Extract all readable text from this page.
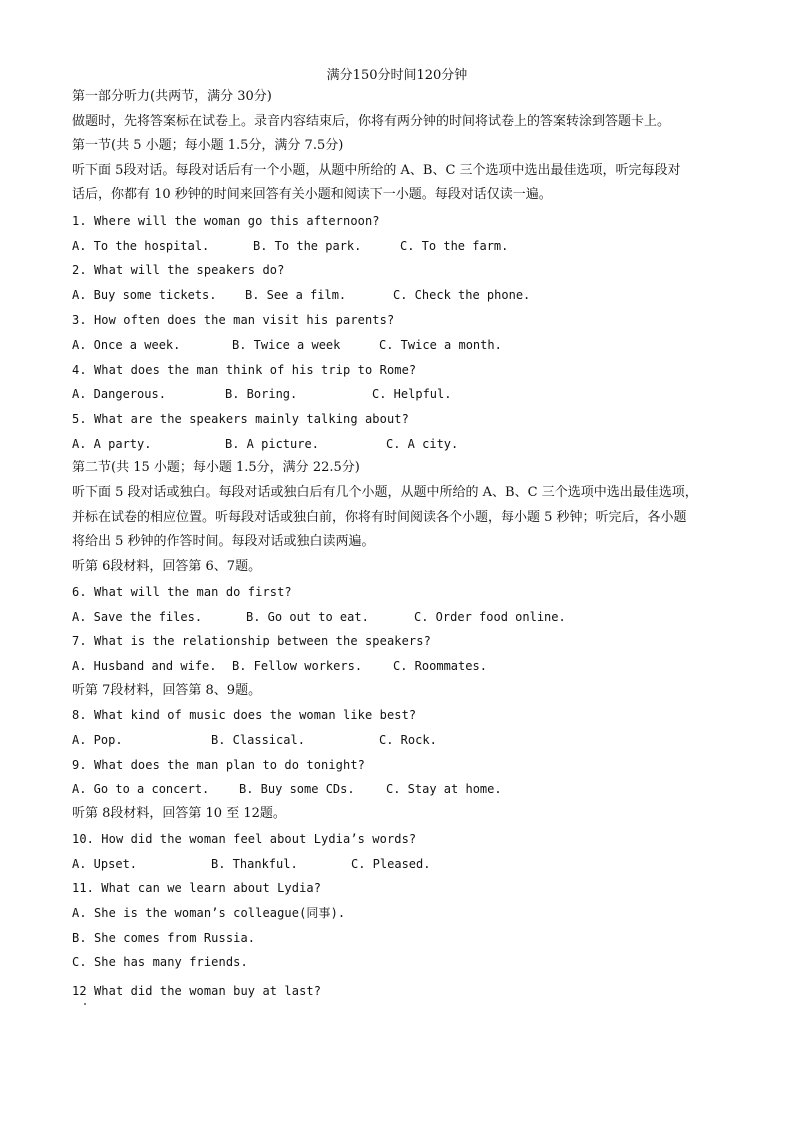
满分150分时间120分钟
第一部分听力(共两节，满分 30分)
做题时，先将答案标在试卷上。录音内容结束后，你将有两分钟的时间将试卷上的答案转涂到答题卡上。
第一节(共 5 小题；每小题 1.5分，满分 7.5分)
听下面 5段对话。每段对话后有一个小题，从题中所给的 A、B、C 三个选项中选出最佳选项，听完每段对
话后，你都有 10 秒钟的时间来回答有关小题和阅读下一小题。每段对话仅读一遍。
1. Where will the woman go this afternoon?
A. To the hospital.	B. To the park.	C. To the farm.
2. What will the speakers do?
A. Buy some tickets. B. See a film.	C. Check the phone.
3. How often does the man visit his parents?
A. Once a week.	B. Twice a week	C. Twice a month.
4. What does the man think of his trip to Rome?
A. Dangerous.	B. Boring.	C. Helpful.
5. What are the speakers mainly talking about?
A. A party.	B. A picture.	C. A city.
第二节(共 15 小题；每小题 1.5分，满分 22.5分)
听下面 5 段对话或独白。每段对话或独白后有几个小题，从题中所给的 A、B、C 三个选项中选出最佳选项，
并标在试卷的相应位置。听每段对话或独白前，你将有时间阅读各个小题，每小题 5 秒钟；听完后，各小题
将给出 5 秒钟的作答时间。每段对话或独白读两遍。
听第 6段材料，回答第 6、7题。
6. What will the man do first?
A. Save the files.	B. Go out to eat.	C. Order food online.
7. What is the relationship between the speakers?
A. Husband and wife. B. Fellow workers.	C. Roommates.
听第 7段材料，回答第 8、9题。
8. What kind of music does the woman like best?
A. Pop.	B. Classical.	C. Rock.
9. What does the man plan to do tonight?
A. Go to a concert. B. Buy some CDs.	C. Stay at home.
听第 8段材料，回答第 10 至 12题。
10. How did the woman feel about Lydia’s words?
A. Upset.	B. Thankful.	C. Pleased.
11. What can we learn about Lydia?
A. She is the woman’s colleague(同事).
B. She comes from Russia.
C. She has many friends.
12 What did the woman buy at last?
